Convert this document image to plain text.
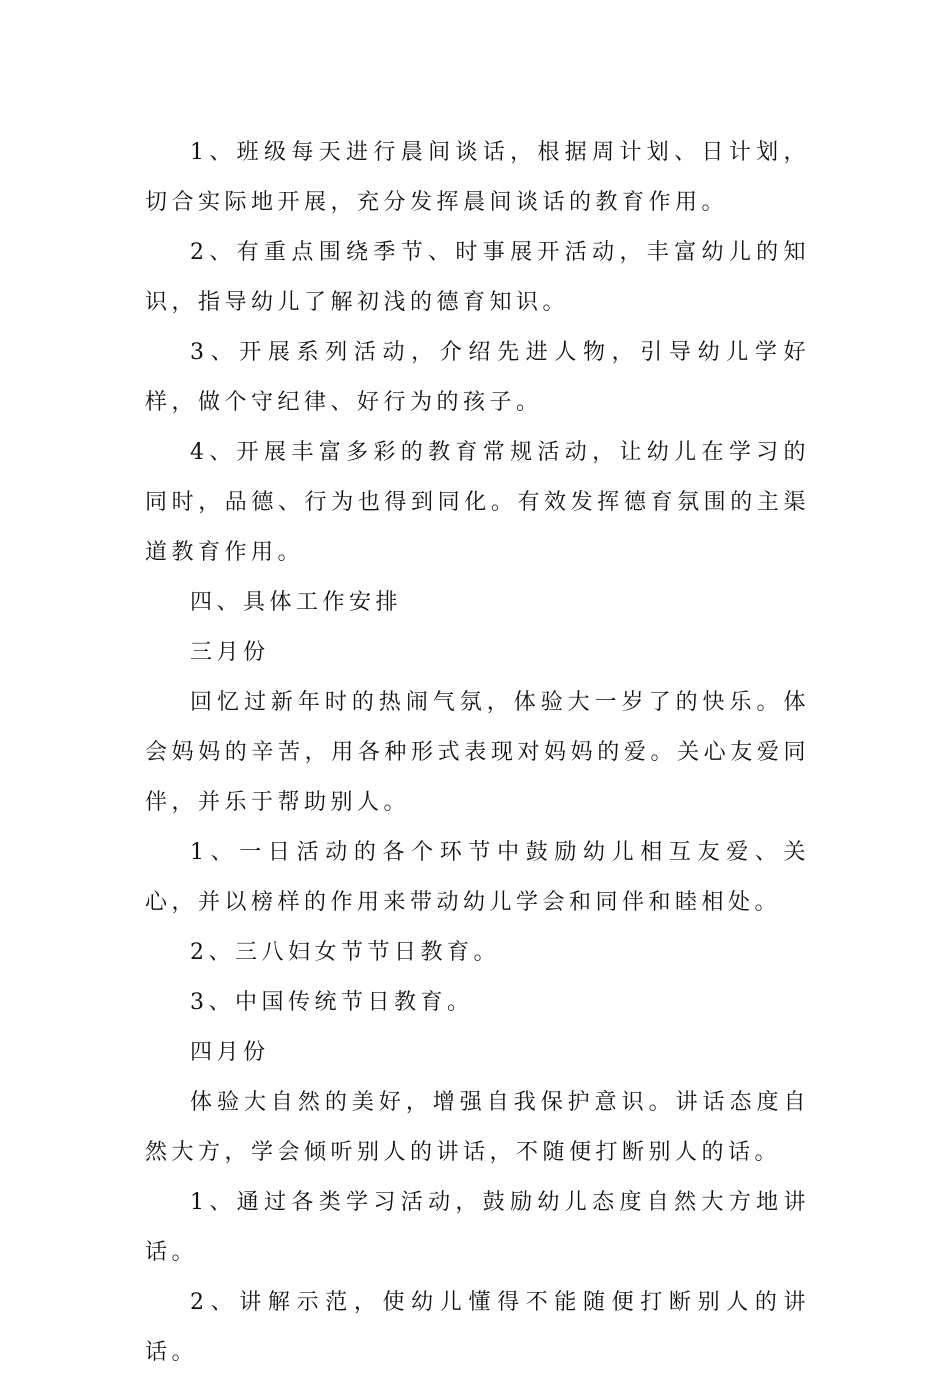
1、班级每天进行晨间谈话，根据周计划、日计划，切合实际地开展，充分发挥晨间谈话的教育作用。

2、有重点围绕季节、时事展开活动，丰富幼儿的知识，指导幼儿了解初浅的德育知识。

3、开展系列活动，介绍先进人物，引导幼儿学好样，做个守纪律、好行为的孩子。

4、开展丰富多彩的教育常规活动，让幼儿在学习的同时，品德、行为也得到同化。有效发挥德育氛围的主渠道教育作用。

四、具体工作安排

三月份

回忆过新年时的热闹气氛，体验大一岁了的快乐。体会妈妈的辛苦，用各种形式表现对妈妈的爱。关心友爱同伴，并乐于帮助别人。

1、一日活动的各个环节中鼓励幼儿相互友爱、关心，并以榜样的作用来带动幼儿学会和同伴和睦相处。

2、三八妇女节节日教育。

3、中国传统节日教育。

四月份

体验大自然的美好，增强自我保护意识。讲话态度自然大方，学会倾听别人的讲话，不随便打断别人的话。

1、通过各类学习活动，鼓励幼儿态度自然大方地讲话。

2、讲解示范，使幼儿懂得不能随便打断别人的讲话。
